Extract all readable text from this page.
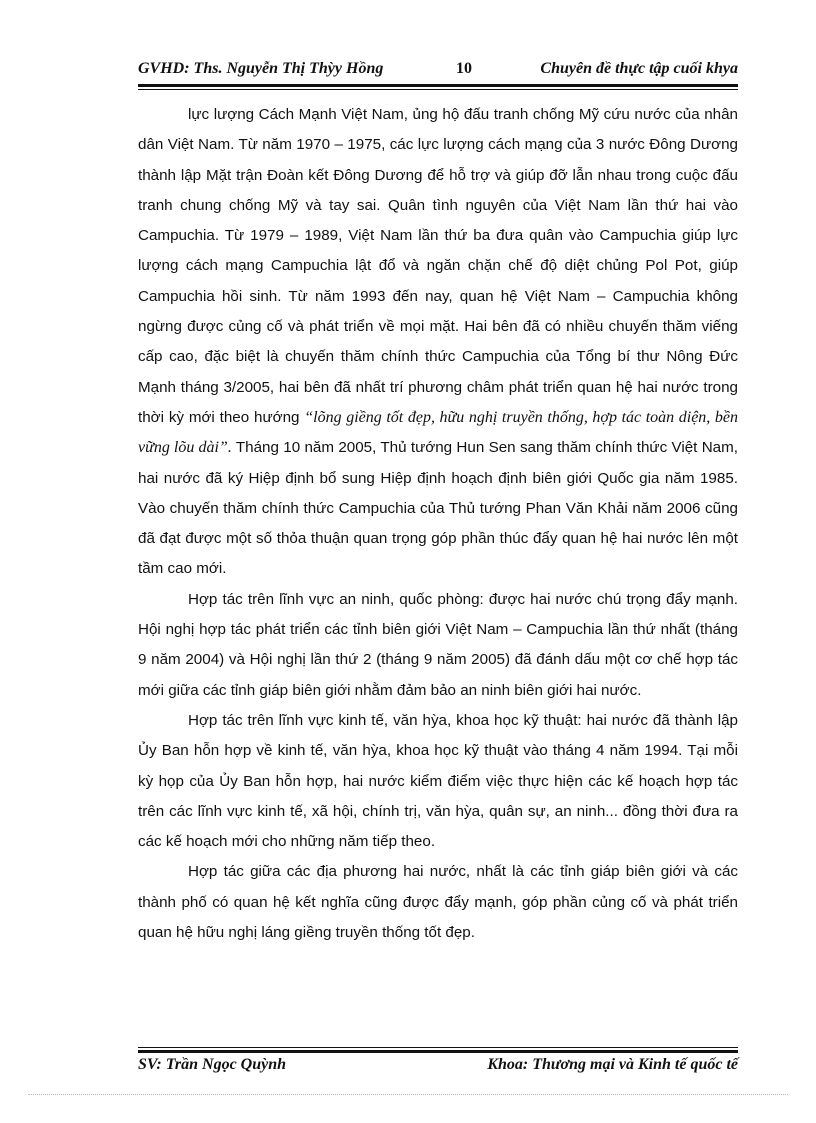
GVHD: Ths. Nguyễn Thị Thỳy Hồng	10	Chuyên đề thực tập cuối khya

lực lượng Cách Mạnh Việt Nam, ủng hộ đấu tranh chống Mỹ cứu nước của nhân dân Việt Nam. Từ năm 1970 – 1975, các lực lượng cách mạng của 3 nước Đông Dương thành lập Mặt trận Đoàn kết Đông Dương để hỗ trợ và giúp đỡ lẫn nhau trong cuộc đấu tranh chung chống Mỹ và tay sai. Quân tình nguyên của Việt Nam lần thứ hai vào Campuchia. Từ 1979 – 1989, Việt Nam lần thứ ba đưa quân vào Campuchia giúp lực lượng cách mạng Campuchia lật đổ và ngăn chặn chế độ diệt chủng Pol Pot, giúp Campuchia hồi sinh. Từ năm 1993 đến nay, quan hệ Việt Nam – Campuchia không ngừng được củng cố và phát triển về mọi mặt. Hai bên đã có nhiều chuyến thăm viếng cấp cao, đặc biệt là chuyến thăm chính thức Campuchia của Tổng bí thư Nông Đức Mạnh tháng 3/2005, hai bên đã nhất trí phương châm phát triển quan hệ hai nước trong thời kỳ mới theo hướng “lõng giềng tốt đẹp, hữu nghị truyền thống, hợp tác toàn diện, bền vững lõu dài”. Tháng 10 năm 2005, Thủ tướng Hun Sen sang thăm chính thức Việt Nam, hai nước đã ký Hiệp định bổ sung Hiệp định hoạch định biên giới Quốc gia năm 1985. Vào chuyến thăm chính thức Campuchia của Thủ tướng Phan Văn Khải năm 2006 cũng đã đạt được một số thỏa thuận quan trọng góp phần thúc đẩy quan hệ hai nước lên một tầm cao mới.

Hợp tác trên lĩnh vực an ninh, quốc phòng: được hai nước chú trọng đẩy mạnh. Hội nghị hợp tác phát triển các tỉnh biên giới Việt Nam – Campuchia lần thứ nhất (tháng 9 năm 2004) và Hội nghị lần thứ 2 (tháng 9 năm 2005) đã đánh dấu một cơ chế hợp tác mới giữa các tỉnh giáp biên giới nhằm đảm bảo an ninh biên giới hai nước.

Hợp tác trên lĩnh vực kinh tế, văn hỳa, khoa học kỹ thuật: hai nước đã thành lập Ủy Ban hỗn hợp về kinh tế, văn hỳa, khoa học kỹ thuật vào tháng 4 năm 1994. Tại mỗi kỳ họp của Ủy Ban hỗn hợp, hai nước kiểm điểm việc thực hiện các kế hoạch hợp tác trên các lĩnh vực kinh tế, xã hội, chính trị, văn hỳa, quân sự, an ninh... đồng thời đưa ra các kế hoạch mới cho những năm tiếp theo.

Hợp tác giữa các địa phương hai nước, nhất là các tỉnh giáp biên giới và các thành phố có quan hệ kết nghĩa cũng được đẩy mạnh, góp phần củng cố và phát triển quan hệ hữu nghị láng giềng truyền thống tốt đẹp.

SV: Trần Ngọc Quỳnh	Khoa: Thương mại và Kinh tế quốc tế
